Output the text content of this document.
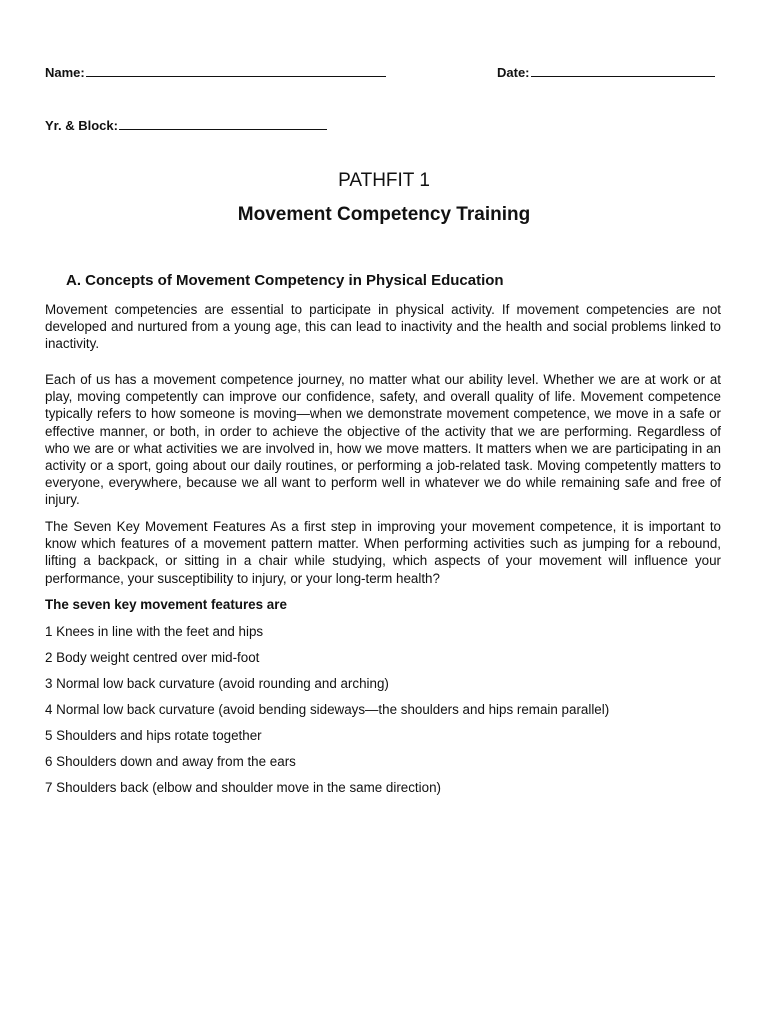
Name:	Date:
Yr. & Block:
PATHFIT 1
Movement Competency Training
A. Concepts of Movement Competency in Physical Education

Movement competencies are essential to participate in physical activity. If movement competencies are not developed and nurtured from a young age, this can lead to inactivity and the health and social problems linked to inactivity.

Each of us has a movement competence journey, no matter what our ability level. Whether we are at work or at play, moving competently can improve our confidence, safety, and overall quality of life. Movement competence typically refers to how someone is moving—when we demonstrate movement competence, we move in a safe or effective manner, or both, in order to achieve the objective of the activity that we are performing. Regardless of who we are or what activities we are involved in, how we move matters. It matters when we are participating in an activity or a sport, going about our daily routines, or performing a job-related task. Moving competently matters to everyone, everywhere, because we all want to perform well in whatever we do while remaining safe and free of injury.

The Seven Key Movement Features As a first step in improving your movement competence, it is important to know which features of a movement pattern matter. When performing activities such as jumping for a rebound, lifting a backpack, or sitting in a chair while studying, which aspects of your movement will influence your performance, your susceptibility to injury, or your long-term health?

The seven key movement features are

1 Knees in line with the feet and hips
2 Body weight centred over mid-foot
3 Normal low back curvature (avoid rounding and arching)
4 Normal low back curvature (avoid bending sideways—the shoulders and hips remain parallel)
5 Shoulders and hips rotate together
6 Shoulders down and away from the ears
7 Shoulders back (elbow and shoulder move in the same direction)
